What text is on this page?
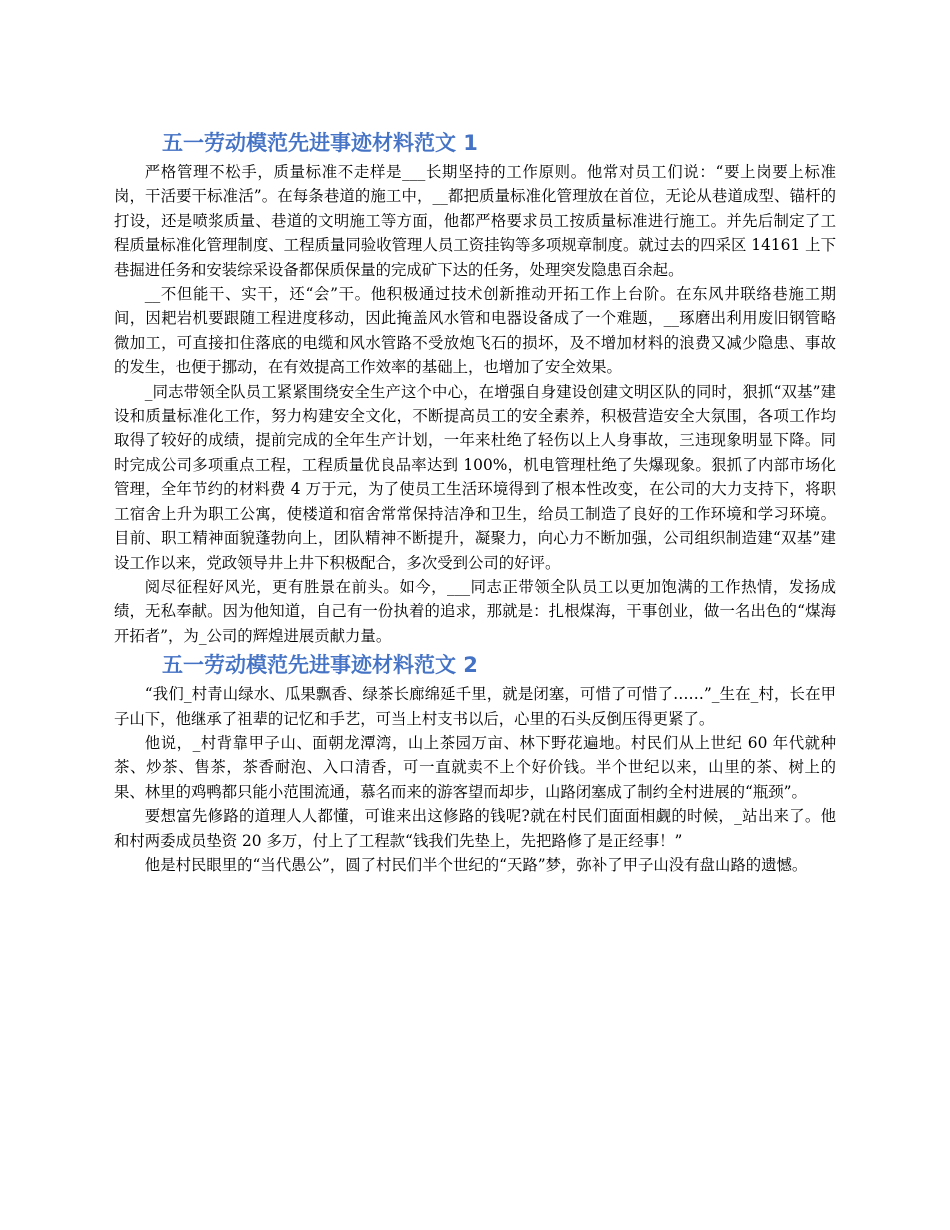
五一劳动模范先进事迹材料范文 1

严格管理不松手，质量标准不走样是___长期坚持的工作原则。他常对员工们说：“要上岗要上标准岗，干活要干标准活”。在每条巷道的施工中，__都把质量标准化管理放在首位，无论从巷道成型、锚杆的打设，还是喷浆质量、巷道的文明施工等方面，他都严格要求员工按质量标准进行施工。并先后制定了工程质量标准化管理制度、工程质量同验收管理人员工资挂钩等多项规章制度。就过去的四采区 14161 上下巷掘进任务和安装综采设备都保质保量的完成矿下达的任务，处理突发隐患百余起。

__不但能干、实干，还“会”干。他积极通过技术创新推动开拓工作上台阶。在东风井联络巷施工期间，因耙岩机要跟随工程进度移动，因此掩盖风水管和电器设备成了一个难题，__琢磨出利用废旧钢管略微加工，可直接扣住落底的电缆和风水管路不受放炮飞石的损坏，及不增加材料的浪费又减少隐患、事故的发生，也便于挪动，在有效提高工作效率的基础上，也增加了安全效果。

_同志带领全队员工紧紧围绕安全生产这个中心，在增强自身建设创建文明区队的同时，狠抓“双基”建设和质量标准化工作，努力构建安全文化，不断提高员工的安全素养，积极营造安全大氛围，各项工作均取得了较好的成绩，提前完成的全年生产计划，一年来杜绝了轻伤以上人身事故，三违现象明显下降。同时完成公司多项重点工程，工程质量优良品率达到 100%，机电管理杜绝了失爆现象。狠抓了内部市场化管理，全年节约的材料费 4 万于元，为了使员工生活环境得到了根本性改变，在公司的大力支持下，将职工宿舍上升为职工公寓，使楼道和宿舍常常保持洁净和卫生，给员工制造了良好的工作环境和学习环境。目前、职工精神面貌蓬勃向上，团队精神不断提升，凝聚力，向心力不断加强，公司组织制造建“双基”建设工作以来，党政领导井上井下积极配合，多次受到公司的好评。

阅尽征程好风光，更有胜景在前头。如今，___同志正带领全队员工以更加饱满的工作热情，发扬成绩，无私奉献。因为他知道，自己有一份执着的追求，那就是：扎根煤海，干事创业，做一名出色的“煤海开拓者”，为_公司的辉煌进展贡献力量。

五一劳动模范先进事迹材料范文 2

“我们_村青山绿水、瓜果飘香、绿茶长廊绵延千里，就是闭塞，可惜了可惜了……”_生在_村，长在甲子山下，他继承了祖辈的记忆和手艺，可当上村支书以后，心里的石头反倒压得更紧了。

他说，_村背靠甲子山、面朝龙潭湾，山上茶园万亩、林下野花遍地。村民们从上世纪 60 年代就种茶、炒茶、售茶，茶香耐泡、入口清香，可一直就卖不上个好价钱。半个世纪以来，山里的茶、树上的果、林里的鸡鸭都只能小范围流通，慕名而来的游客望而却步，山路闭塞成了制约全村进展的“瓶颈”。

要想富先修路的道理人人都懂，可谁来出这修路的钱呢?就在村民们面面相觑的时候，_站出来了。他和村两委成员垫资 20 多万，付上了工程款“钱我们先垫上，先把路修了是正经事！”

他是村民眼里的“当代愚公”，圆了村民们半个世纪的“天路”梦，弥补了甲子山没有盘山路的遗憾。
